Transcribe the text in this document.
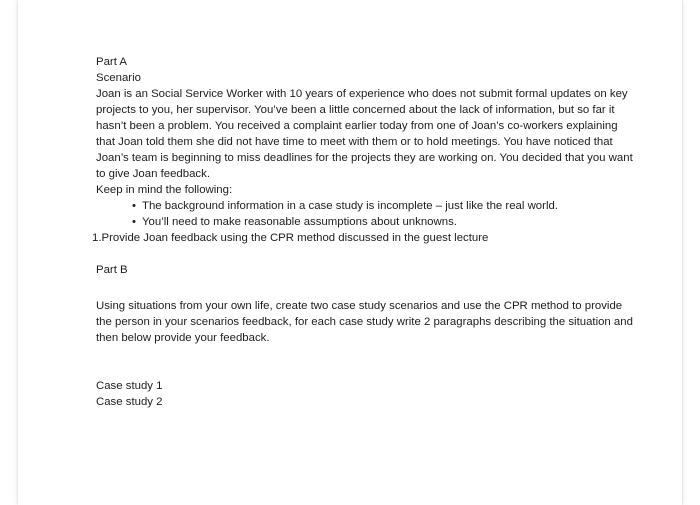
Part A
Scenario
Joan is an Social Service Worker with 10 years of experience who does not submit formal updates on key projects to you, her supervisor. You’ve been a little concerned about the lack of information, but so far it hasn’t been a problem. You received a complaint earlier today from one of Joan’s co-workers explaining that Joan told them she did not have time to meet with them or to hold meetings. You have noticed that Joan’s team is beginning to miss deadlines for the projects they are working on. You decided that you want to give Joan feedback.
Keep in mind the following:
• The background information in a case study is incomplete – just like the real world.
• You’ll need to make reasonable assumptions about unknowns.
1.Provide Joan feedback using the CPR method discussed in the guest lecture
Part B
Using situations from your own life, create two case study scenarios and use the CPR method to provide the person in your scenarios feedback, for each case study write 2 paragraphs describing the situation and then below provide your feedback.
Case study 1
Case study 2
